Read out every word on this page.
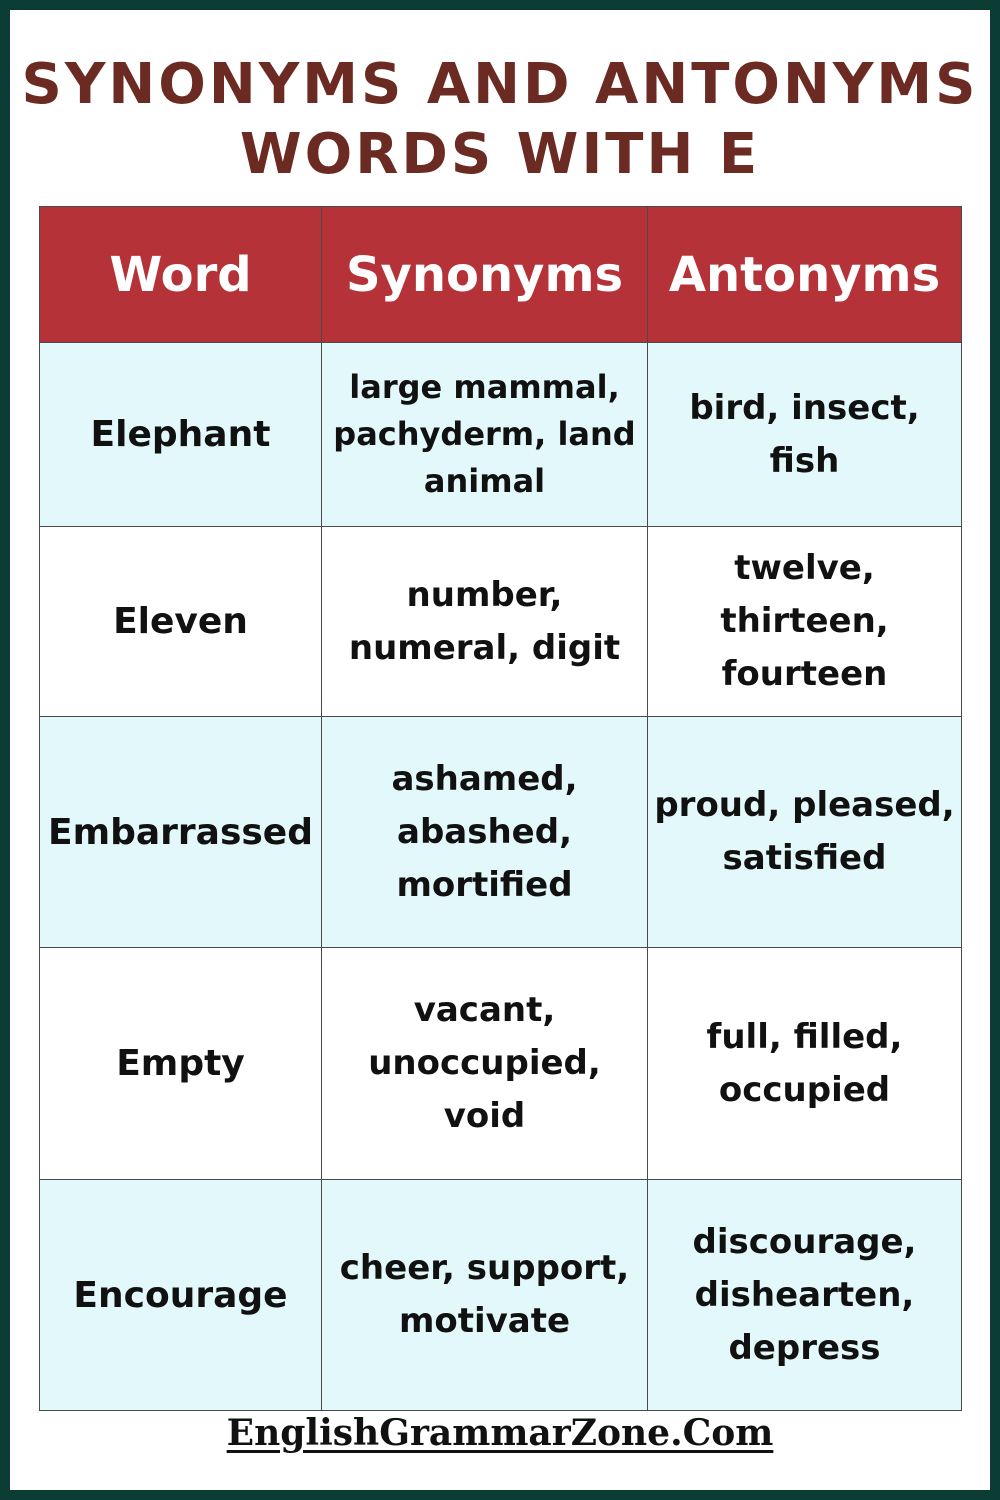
SYNONYMS AND ANTONYMS
WORDS WITH E
Word	Synonyms	Antonyms
Elephant	large mammal, pachyderm, land animal	bird, insect, fish
Eleven	number, numeral, digit	twelve, thirteen, fourteen
Embarrassed	ashamed, abashed, mortified	proud, pleased, satisfied
Empty	vacant, unoccupied, void	full, filled, occupied
Encourage	cheer, support, motivate	discourage, dishearten, depress
EnglishGrammarZone.Com
